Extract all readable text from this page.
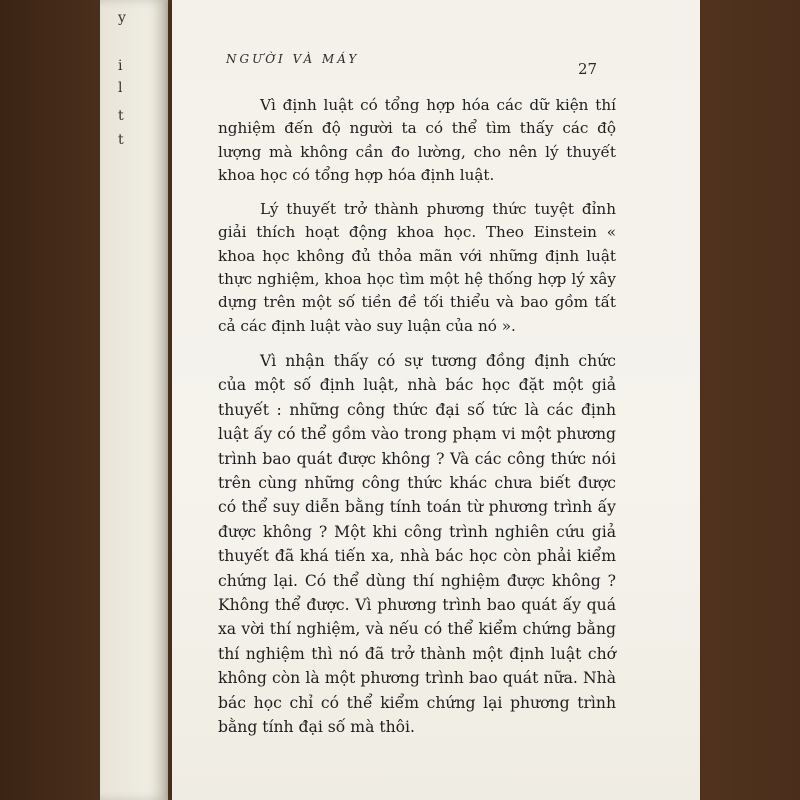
y
i
l
t
t
NGƯỜI VÀ MÁY
27

Vì định luật có tổng hợp hóa các dữ kiện thí nghiệm đến độ người ta có thể tìm thấy các độ lượng mà không cần đo lường, cho nên lý thuyết khoa học có tổng hợp hóa định luật.

Lý thuyết trở thành phương thức tuyệt đỉnh giải thích hoạt động khoa học. Theo Einstein « khoa học không đủ thỏa mãn với những định luật thực nghiệm, khoa học tìm một hệ thống hợp lý xây dựng trên một số tiền đề tối thiểu và bao gồm tất cả các định luật vào suy luận của nó ».

Vì nhận thấy có sự tương đồng định chức của một số định luật, nhà bác học đặt một giả thuyết : những công thức đại số tức là các định luật ấy có thể gồm vào trong phạm vi một phương trình bao quát được không ? Và các công thức nói trên cùng những công thức khác chưa biết được có thể suy diễn bằng tính toán từ phương trình ấy được không ? Một khi công trình nghiên cứu giả thuyết đã khá tiến xa, nhà bác học còn phải kiểm chứng lại. Có thể dùng thí nghiệm được không ? Không thể được. Vì phương trình bao quát ấy quá xa vời thí nghiệm, và nếu có thể kiểm chứng bằng thí nghiệm thì nó đã trở thành một định luật chớ không còn là một phương trình bao quát nữa. Nhà bác học chỉ có thể kiểm chứng lại phương trình bằng tính đại số mà thôi.
